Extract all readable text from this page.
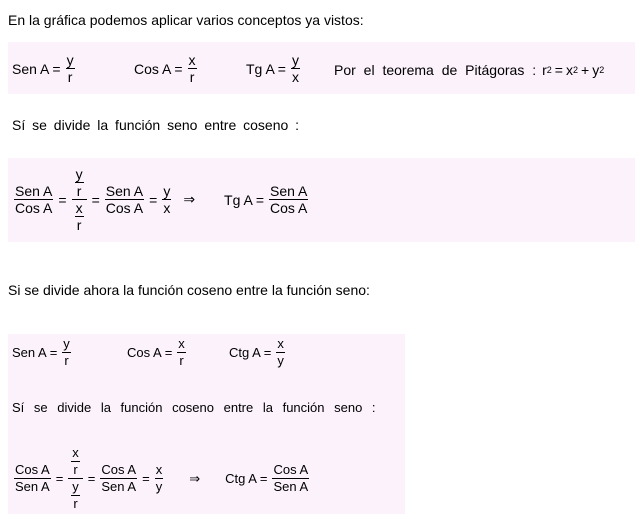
En la gráfica podemos aplicar varios conceptos ya vistos:
Sen $A = \frac{y}{r}$	Cos $A = \frac{x}{r}$	Tg $A = \frac{y}{x}$ Por el teorema de Pitágoras : r 2 = x 2 + y 2
Sí se divide la función seno entre coseno :
$\frac{\text{Sen A}}{\text{Cos A}} = \frac{\frac{y}{r}}{\frac{x}{r}} = \frac{\text{Sen A}}{\text{Cos A}} = \frac{y}{x}$ ⇒ Tg $A = \frac{\text{Sen A}}{\text{Cos A}}$
Si se divide ahora la función coseno entre la función seno:
Sen $A = \frac{y}{r}$	Cos $A = \frac{x}{r}$	Ctg $A = \frac{x}{y}$
Sí se divide la función coseno entre la función seno :
$\frac{\text{Cos A}}{\text{Sen A}} = \frac{\frac{x}{r}}{\frac{y}{r}} = \frac{\text{Cos A}}{\text{Sen A}} = \frac{x}{y}$ ⇒ Ctg $A = \frac{\text{Cos A}}{\text{Sen A}}$
